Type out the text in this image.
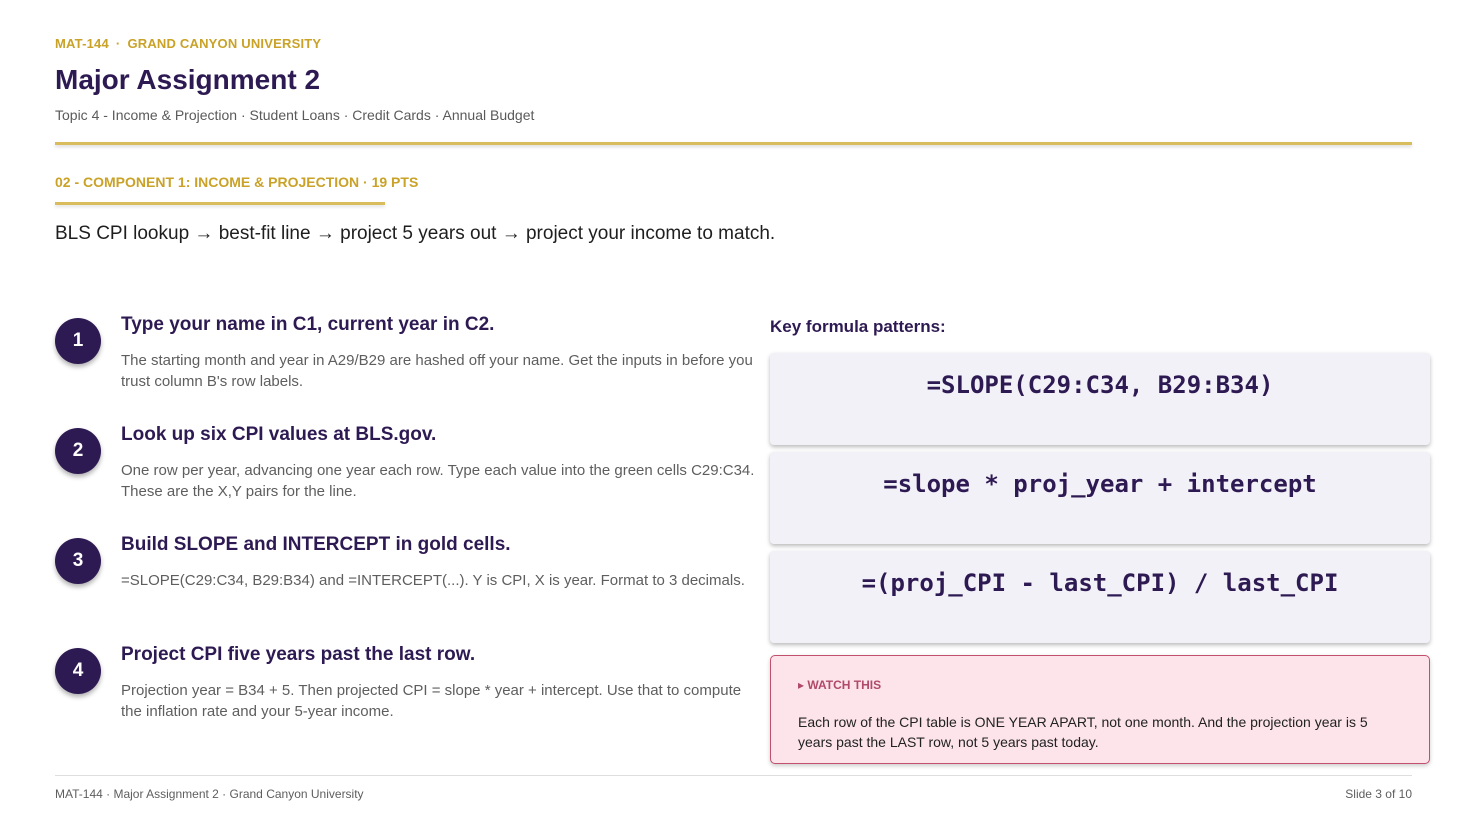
MAT-144 · GRAND CANYON UNIVERSITY
Major Assignment 2
Topic 4 - Income & Projection · Student Loans · Credit Cards · Annual Budget
02 - COMPONENT 1: INCOME & PROJECTION · 19 PTS
BLS CPI lookup → best-fit line → project 5 years out → project your income to match.
1
Type your name in C1, current year in C2.
The starting month and year in A29/B29 are hashed off your name. Get the inputs in before you trust column B's row labels.
2
Look up six CPI values at BLS.gov.
One row per year, advancing one year each row. Type each value into the green cells C29:C34. These are the X,Y pairs for the line.
3
Build SLOPE and INTERCEPT in gold cells.
=SLOPE(C29:C34, B29:B34) and =INTERCEPT(...). Y is CPI, X is year. Format to 3 decimals.
4
Project CPI five years past the last row.
Projection year = B34 + 5. Then projected CPI = slope * year + intercept. Use that to compute the inflation rate and your 5-year income.
Key formula patterns:
=SLOPE(C29:C34, B29:B34)
=slope * proj_year + intercept
=(proj_CPI - last_CPI) / last_CPI
▸ WATCH THIS
Each row of the CPI table is ONE YEAR APART, not one month. And the projection year is 5 years past the LAST row, not 5 years past today.
MAT-144 · Major Assignment 2 · Grand Canyon University	Slide 3 of 10
